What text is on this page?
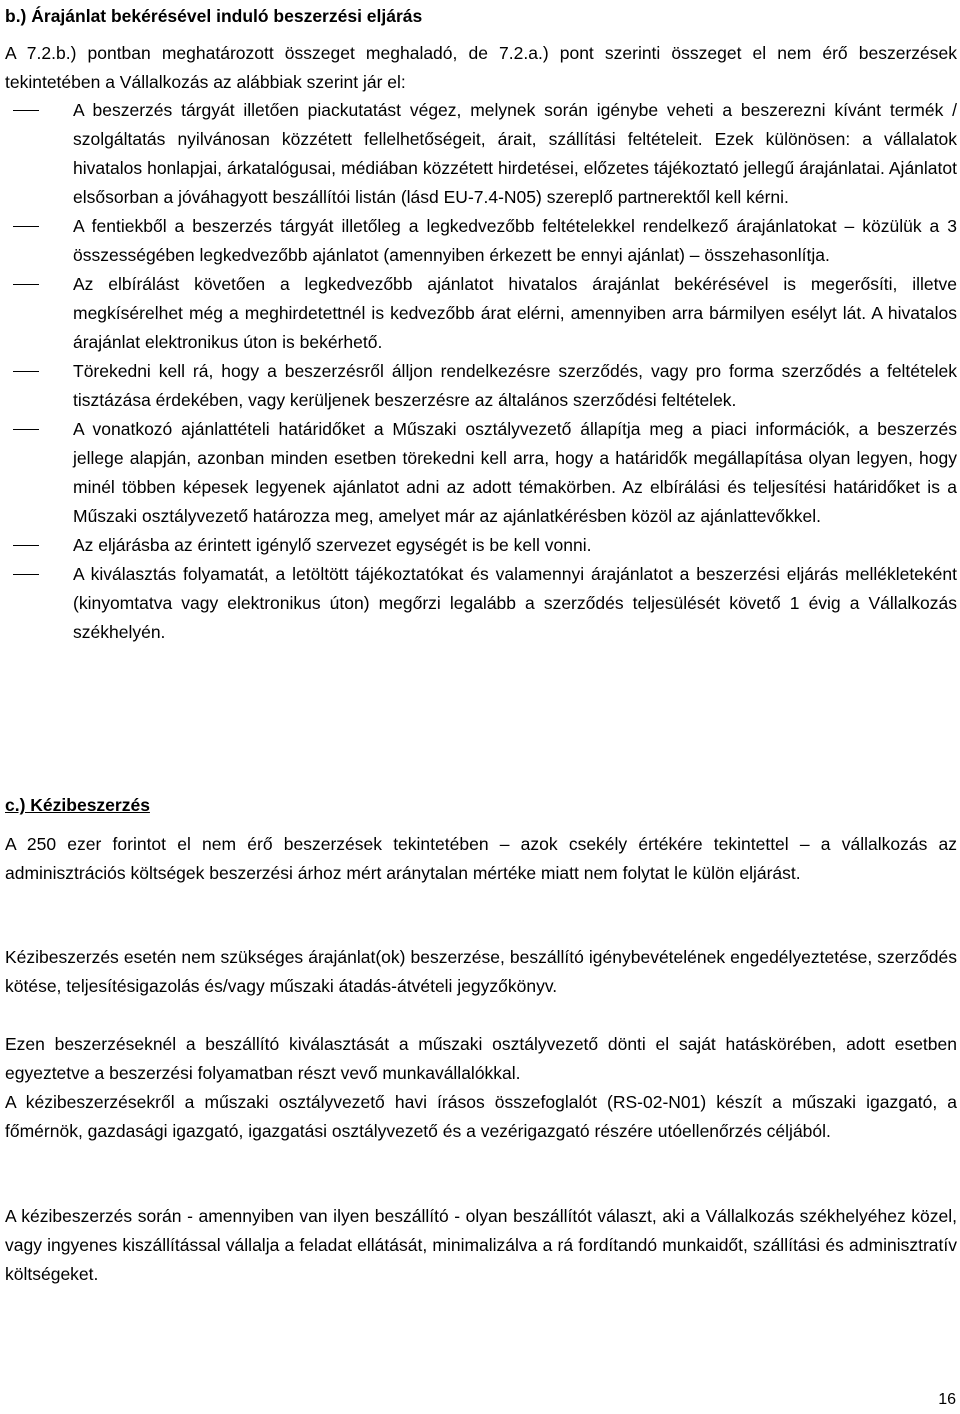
b.) Árajánlat bekérésével induló beszerzési eljárás

A 7.2.b.) pontban meghatározott összeget meghaladó, de 7.2.a.) pont szerinti összeget el nem érő beszerzések tekintetében a Vállalkozás az alábbiak szerint jár el:

A beszerzés tárgyát illetően piackutatást végez, melynek során igénybe veheti a beszerezni kívánt termék / szolgáltatás nyilvánosan közzétett fellelhetőségeit, árait, szállítási feltételeit. Ezek különösen: a vállalatok hivatalos honlapjai, árkatalógusai, médiában közzétett hirdetései, előzetes tájékoztató jellegű árajánlatai. Ajánlatot elsősorban a jóváhagyott beszállítói listán (lásd EU-7.4-N05) szereplő partnerektől kell kérni.
A fentiekből a beszerzés tárgyát illetőleg a legkedvezőbb feltételekkel rendelkező árajánlatokat – közülük a 3 összességében legkedvezőbb ajánlatot (amennyiben érkezett be ennyi ajánlat) – összehasonlítja.
Az elbírálást követően a legkedvezőbb ajánlatot hivatalos árajánlat bekérésével is megerősíti, illetve megkísérelhet még a meghirdetettnél is kedvezőbb árat elérni, amennyiben arra bármilyen esélyt lát. A hivatalos árajánlat elektronikus úton is bekérhető.
Törekedni kell rá, hogy a beszerzésről álljon rendelkezésre szerződés, vagy pro forma szerződés a feltételek tisztázása érdekében, vagy kerüljenek beszerzésre az általános szerződési feltételek.
A vonatkozó ajánlattételi határidőket a Műszaki osztályvezető állapítja meg a piaci információk, a beszerzés jellege alapján, azonban minden esetben törekedni kell arra, hogy a határidők megállapítása olyan legyen, hogy minél többen képesek legyenek ajánlatot adni az adott témakörben. Az elbírálási és teljesítési határidőket is a Műszaki osztályvezető határozza meg, amelyet már az ajánlatkérésben közöl az ajánlattevőkkel.
Az eljárásba az érintett igénylő szervezet egységét is be kell vonni.
A kiválasztás folyamatát, a letöltött tájékoztatókat és valamennyi árajánlatot a beszerzési eljárás mellékleteként (kinyomtatva vagy elektronikus úton) megőrzi legalább a szerződés teljesülését követő 1 évig a Vállalkozás székhelyén.
c.) Kézibeszerzés

A 250 ezer forintot el nem érő beszerzések tekintetében – azok csekély értékére tekintettel – a vállalkozás az adminisztrációs költségek beszerzési árhoz mért aránytalan mértéke miatt nem folytat le külön eljárást.

Kézibeszerzés esetén nem szükséges árajánlat(ok) beszerzése, beszállító igénybevételének engedélyeztetése, szerződés kötése, teljesítésigazolás és/vagy műszaki átadás-átvételi jegyzőkönyv.

Ezen beszerzéseknél a beszállító kiválasztását a műszaki osztályvezető dönti el saját hatáskörében, adott esetben egyeztetve a beszerzési folyamatban részt vevő munkavállalókkal.

A kézibeszerzésekről a műszaki osztályvezető havi írásos összefoglalót (RS-02-N01) készít a műszaki igazgató, a főmérnök, gazdasági igazgató, igazgatási osztályvezető és a vezérigazgató részére utóellenőrzés céljából.

A kézibeszerzés során - amennyiben van ilyen beszállító - olyan beszállítót választ, aki a Vállalkozás székhelyéhez közel, vagy ingyenes kiszállítással vállalja a feladat ellátását, minimalizálva a rá fordítandó munkaidőt, szállítási és adminisztratív költségeket.

16
